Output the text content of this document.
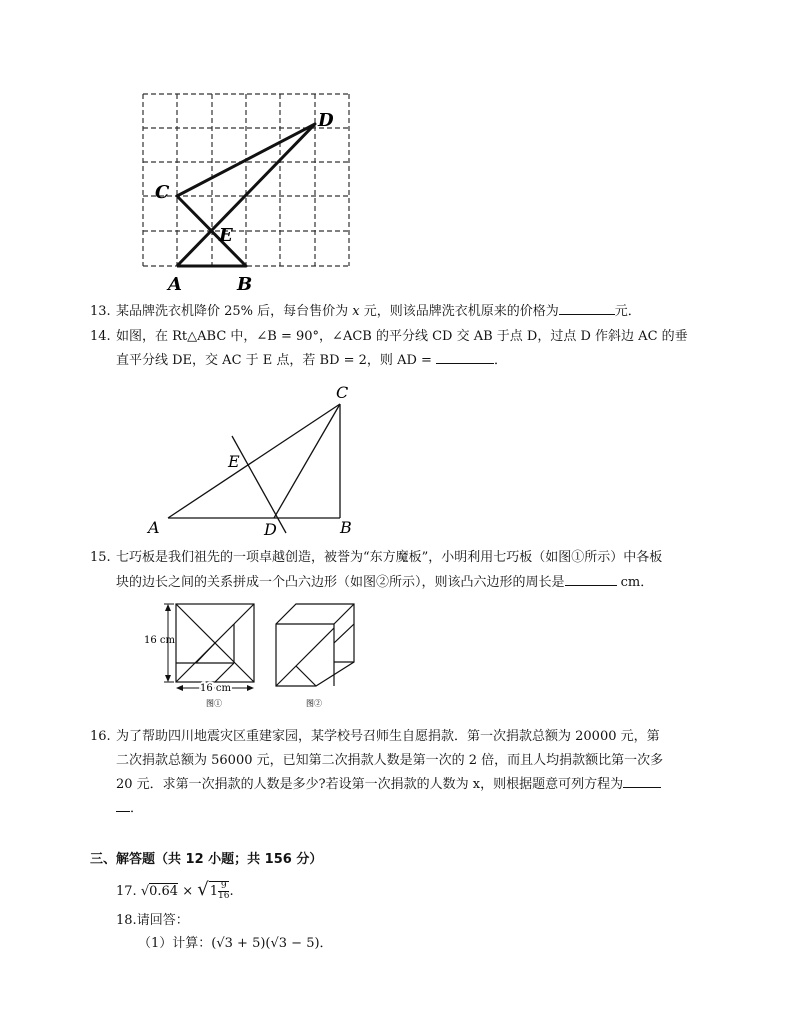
A	B
C
D
E
13. 某品牌洗衣机降价 25% 后，每台售价为 x 元，则该品牌洗衣机原来的价格为	元．
14. 如图，在 Rt△ABC 中，∠B = 90°，∠ACB 的平分线 CD 交 AB 于点 D，过点 D 作斜边 AC 的垂
直平分线 DE，交 AC 于 E 点，若 BD = 2，则 AD =	．
A	B
C
D
E
15. 七巧板是我们祖先的一项卓越创造，被誉为“东方魔板”，小明利用七巧板（如图①所示）中各板
块的边长之间的关系拼成一个凸六边形（如图②所示），则该凸六边形的周长是	cm．
16 cm
16 cm
图①	图②
16. 为了帮助四川地震灾区重建家园，某学校号召师生自愿捐款．第一次捐款总额为 20000 元，第
二次捐款总额为 56000 元，已知第二次捐款人数是第一次的 2 倍，而且人均捐款额比第一次多
20 元．求第一次捐款的人数是多少?若设第一次捐款的人数为 x，则根据题意可列方程为
．
三、解答题（共 12 小题；共 156 分）
17. $√0.64 \times √1 \frac{9}{16}$ .
18.请回答：
（1）计算：(√3 + 5)(√3 − 5)．
